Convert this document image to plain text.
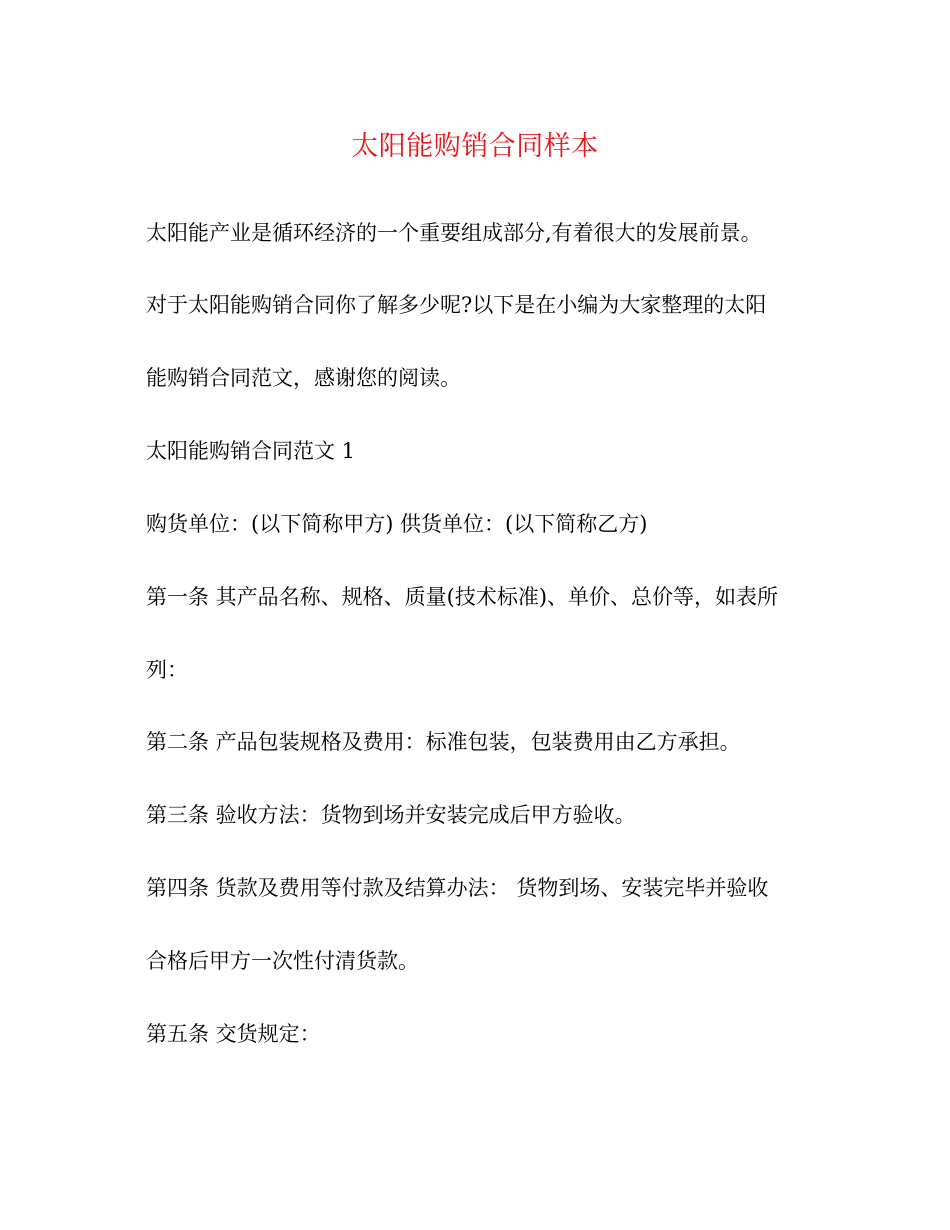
太阳能购销合同样本

太阳能产业是循环经济的一个重要组成部分,有着很大的发展前景。

对于太阳能购销合同你了解多少呢?以下是在小编为大家整理的太阳

能购销合同范文，感谢您的阅读。

太阳能购销合同范文 1

购货单位：(以下简称甲方) 供货单位：(以下简称乙方)

第一条 其产品名称、规格、质量(技术标准)、单价、总价等，如表所

列：

第二条 产品包装规格及费用：标准包装，包装费用由乙方承担。

第三条 验收方法：货物到场并安装完成后甲方验收。

第四条 货款及费用等付款及结算办法： 货物到场、安装完毕并验收

合格后甲方一次性付清货款。

第五条 交货规定：
